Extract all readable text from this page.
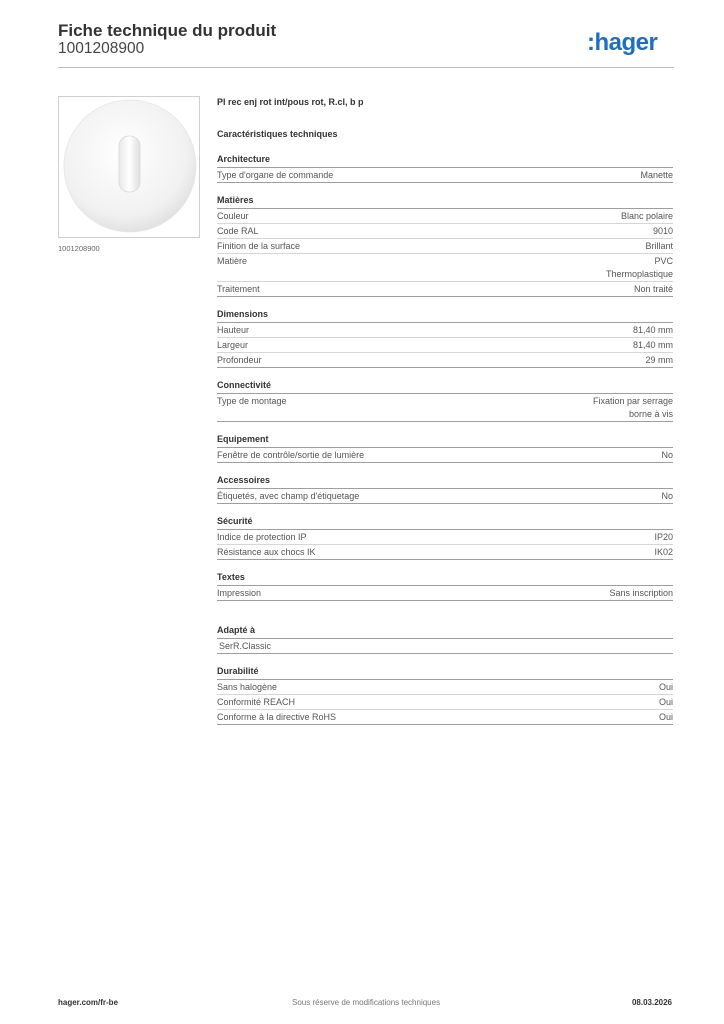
Fiche technique du produit
1001208900	:hager
1001208900
Pl rec enj rot int/pous rot, R.cl, b p
Caractéristiques techniques
Architecture
Type d'organe de commande	Manette
Matières
Couleur	Blanc polaire
Code RAL	9010
Finition de la surface	Brillant
Matière	PVC
Thermoplastique
Traitement	Non traité
Dimensions
Hauteur	81,40 mm
Largeur	81,40 mm
Profondeur	29 mm
Connectivité
Type de montage	Fixation par serrage
borne à vis
Equipement
Fenêtre de contrôle/sortie de lumière	No
Accessoires
Étiquetés, avec champ d'étiquetage	No
Sécurité
Indice de protection IP	IP20
Résistance aux chocs IK	IK02
Textes
Impression	Sans inscription
Adapté à
SerR.Classic
Durabilité
Sans halogène	Oui
Conformité REACH	Oui
Conforme à la directive RoHS	Oui
hager.com/fr-be	Sous réserve de modifications techniques	08.03.2026
